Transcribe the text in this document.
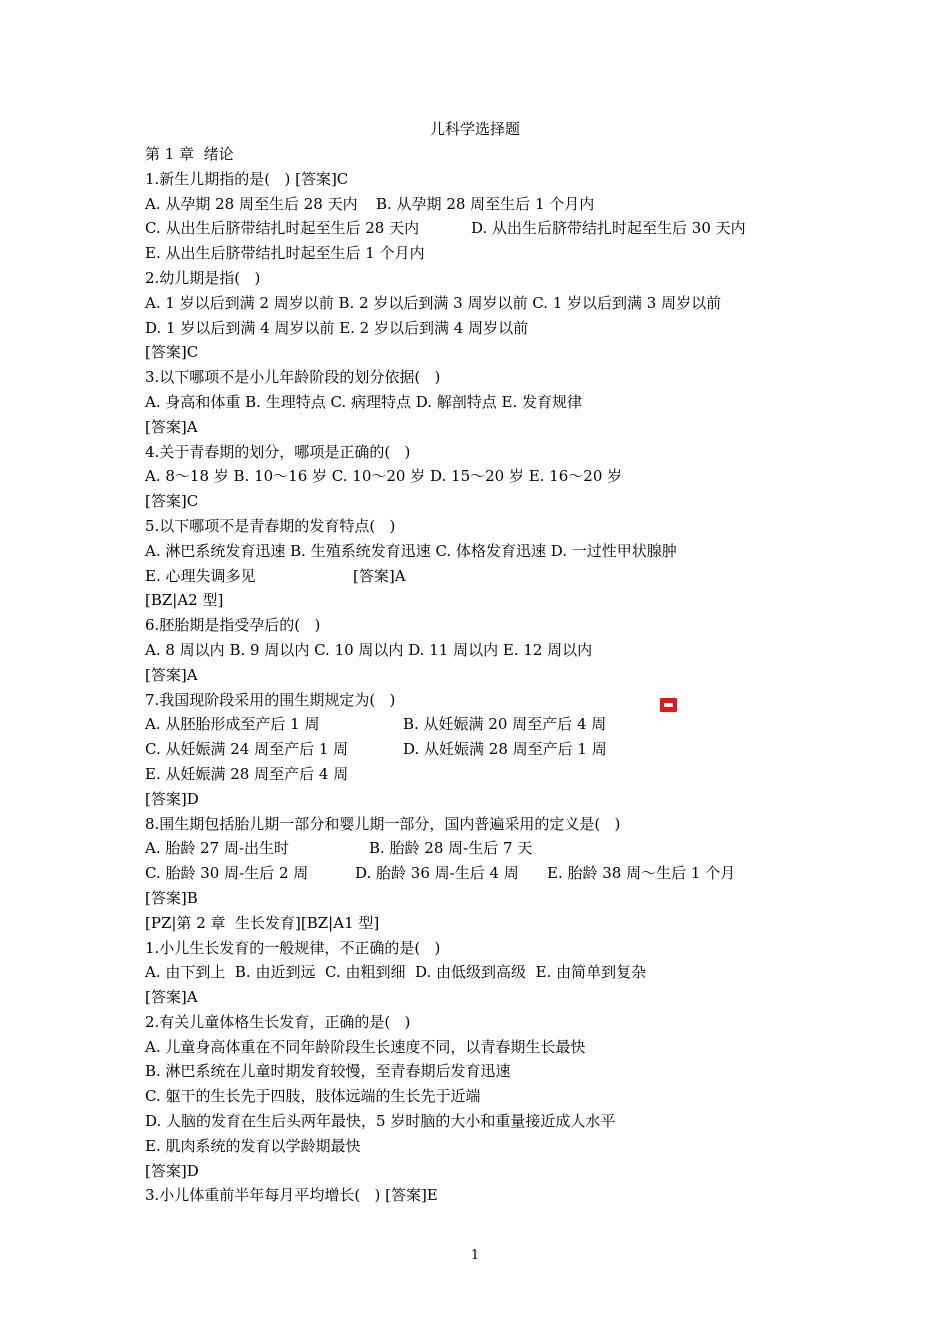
儿科学选择题
第 1 章  绪论
1.新生儿期指的是(   ) [答案]C
A. 从孕期 28 周至生后 28 天内 B. 从孕期 28 周至生后 1 个月内
C. 从出生后脐带结扎时起至生后 28 天内	D. 从出生后脐带结扎时起至生后 30 天内
E. 从出生后脐带结扎时起至生后 1 个月内
2.幼儿期是指(   )
A. 1 岁以后到满 2 周岁以前 B. 2 岁以后到满 3 周岁以前 C. 1 岁以后到满 3 周岁以前
D. 1 岁以后到满 4 周岁以前 E. 2 岁以后到满 4 周岁以前
[答案]C
3.以下哪项不是小儿年龄阶段的划分依据(   )
A. 身高和体重 B. 生理特点 C. 病理特点 D. 解剖特点 E. 发育规律
[答案]A
4.关于青春期的划分，哪项是正确的(   )
A. 8～18 岁 B. 10～16 岁 C. 10～20 岁 D. 15～20 岁 E. 16～20 岁
[答案]C
5.以下哪项不是青春期的发育特点(   )
A. 淋巴系统发育迅速 B. 生殖系统发育迅速 C. 体格发育迅速 D. 一过性甲状腺肿
E. 心理失调多见	[答案]A
[BZ|A2 型]
6.胚胎期是指受孕后的(   )
A. 8 周以内 B. 9 周以内 C. 10 周以内 D. 11 周以内 E. 12 周以内
[答案]A
7.我国现阶段采用的围生期规定为(   )
A. 从胚胎形成至产后 1 周	B. 从妊娠满 20 周至产后 4 周
C. 从妊娠满 24 周至产后 1 周	D. 从妊娠满 28 周至产后 1 周
E. 从妊娠满 28 周至产后 4 周
[答案]D
8.围生期包括胎儿期一部分和婴儿期一部分，国内普遍采用的定义是(   )
A. 胎龄 27 周-出生时	B. 胎龄 28 周-生后 7 天
C. 胎龄 30 周-生后 2 周	D. 胎龄 36 周-生后 4 周 E. 胎龄 38 周～生后 1 个月
[答案]B
[PZ|第 2 章  生长发育][BZ|A1 型]
1.小儿生长发育的一般规律，不正确的是(   )
A. 由下到上  B. 由近到远  C. 由粗到细  D. 由低级到高级  E. 由简单到复杂
[答案]A
2.有关儿童体格生长发育，正确的是(   )
A. 儿童身高体重在不同年龄阶段生长速度不同，以青春期生长最快
B. 淋巴系统在儿童时期发育较慢，至青春期后发育迅速
C. 躯干的生长先于四肢，肢体远端的生长先于近端
D. 人脑的发育在生后头两年最快，5 岁时脑的大小和重量接近成人水平
E. 肌肉系统的发育以学龄期最快
[答案]D
3.小儿体重前半年每月平均增长(   ) [答案]E
1
